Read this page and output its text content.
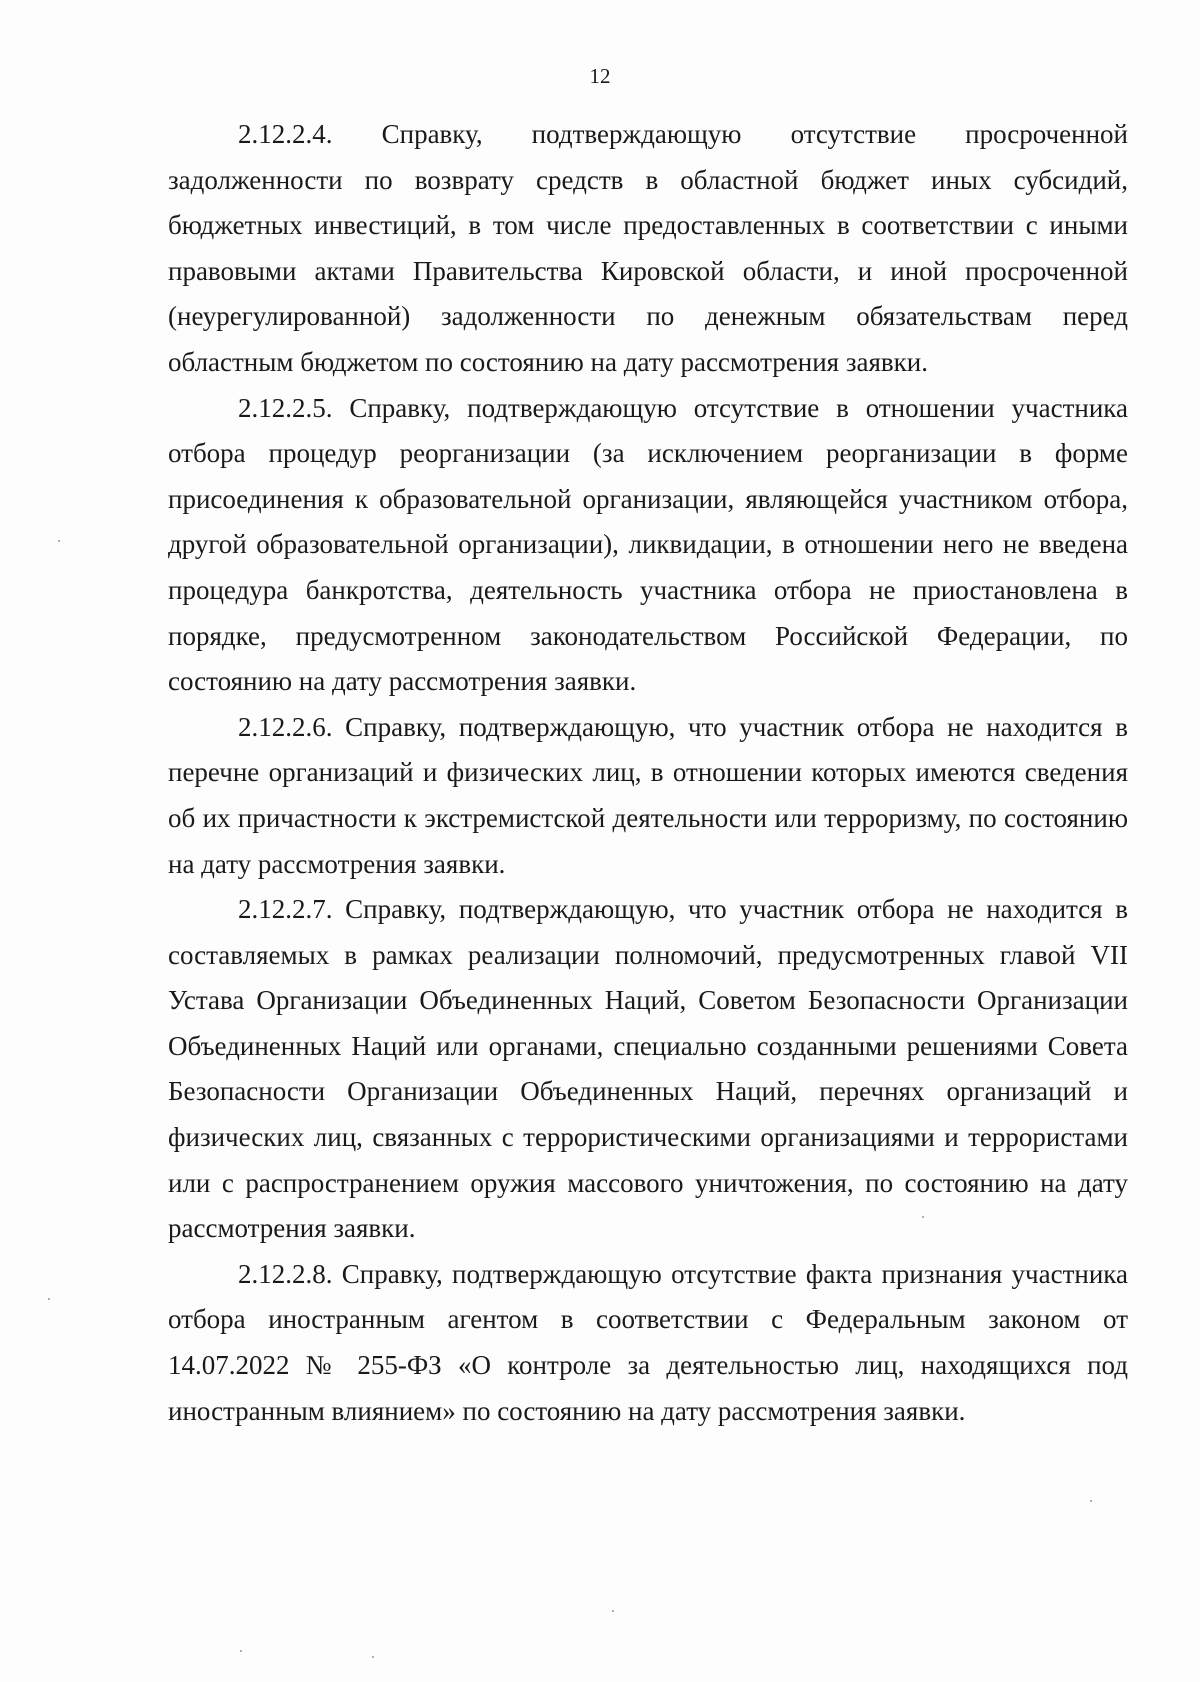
12

2.12.2.4. Справку, подтверждающую отсутствие просроченной задолженности по возврату средств в областной бюджет иных субсидий, бюджетных инвестиций, в том числе предоставленных в соответствии с иными правовыми актами Правительства Кировской области, и иной просроченной (неурегулированной) задолженности по денежным обязательствам перед областным бюджетом по состоянию на дату рассмотрения заявки.

2.12.2.5. Справку, подтверждающую отсутствие в отношении участника отбора процедур реорганизации (за исключением реорганизации в форме присоединения к образовательной организации, являющейся участником отбора, другой образовательной организации), ликвидации, в отношении него не введена процедура банкротства, деятельность участника отбора не приостановлена в порядке, предусмотренном законодательством Российской Федерации, по состоянию на дату рассмотрения заявки.

2.12.2.6. Справку, подтверждающую, что участник отбора не находится в перечне организаций и физических лиц, в отношении которых имеются сведения об их причастности к экстремистской деятельности или терроризму, по состоянию на дату рассмотрения заявки.

2.12.2.7. Справку, подтверждающую, что участник отбора не находится в составляемых в рамках реализации полномочий, предусмотренных главой VII Устава Организации Объединенных Наций, Советом Безопасности Организации Объединенных Наций или органами, специально созданными решениями Совета Безопасности Организации Объединенных Наций, перечнях организаций и физических лиц, связанных с террористическими организациями и террористами или с распространением оружия массового уничтожения, по состоянию на дату рассмотрения заявки.

2.12.2.8. Справку, подтверждающую отсутствие факта признания участника отбора иностранным агентом в соответствии с Федеральным законом от 14.07.2022 № 255-ФЗ «О контроле за деятельностью лиц, находящихся под иностранным влиянием» по состоянию на дату рассмотрения заявки.
